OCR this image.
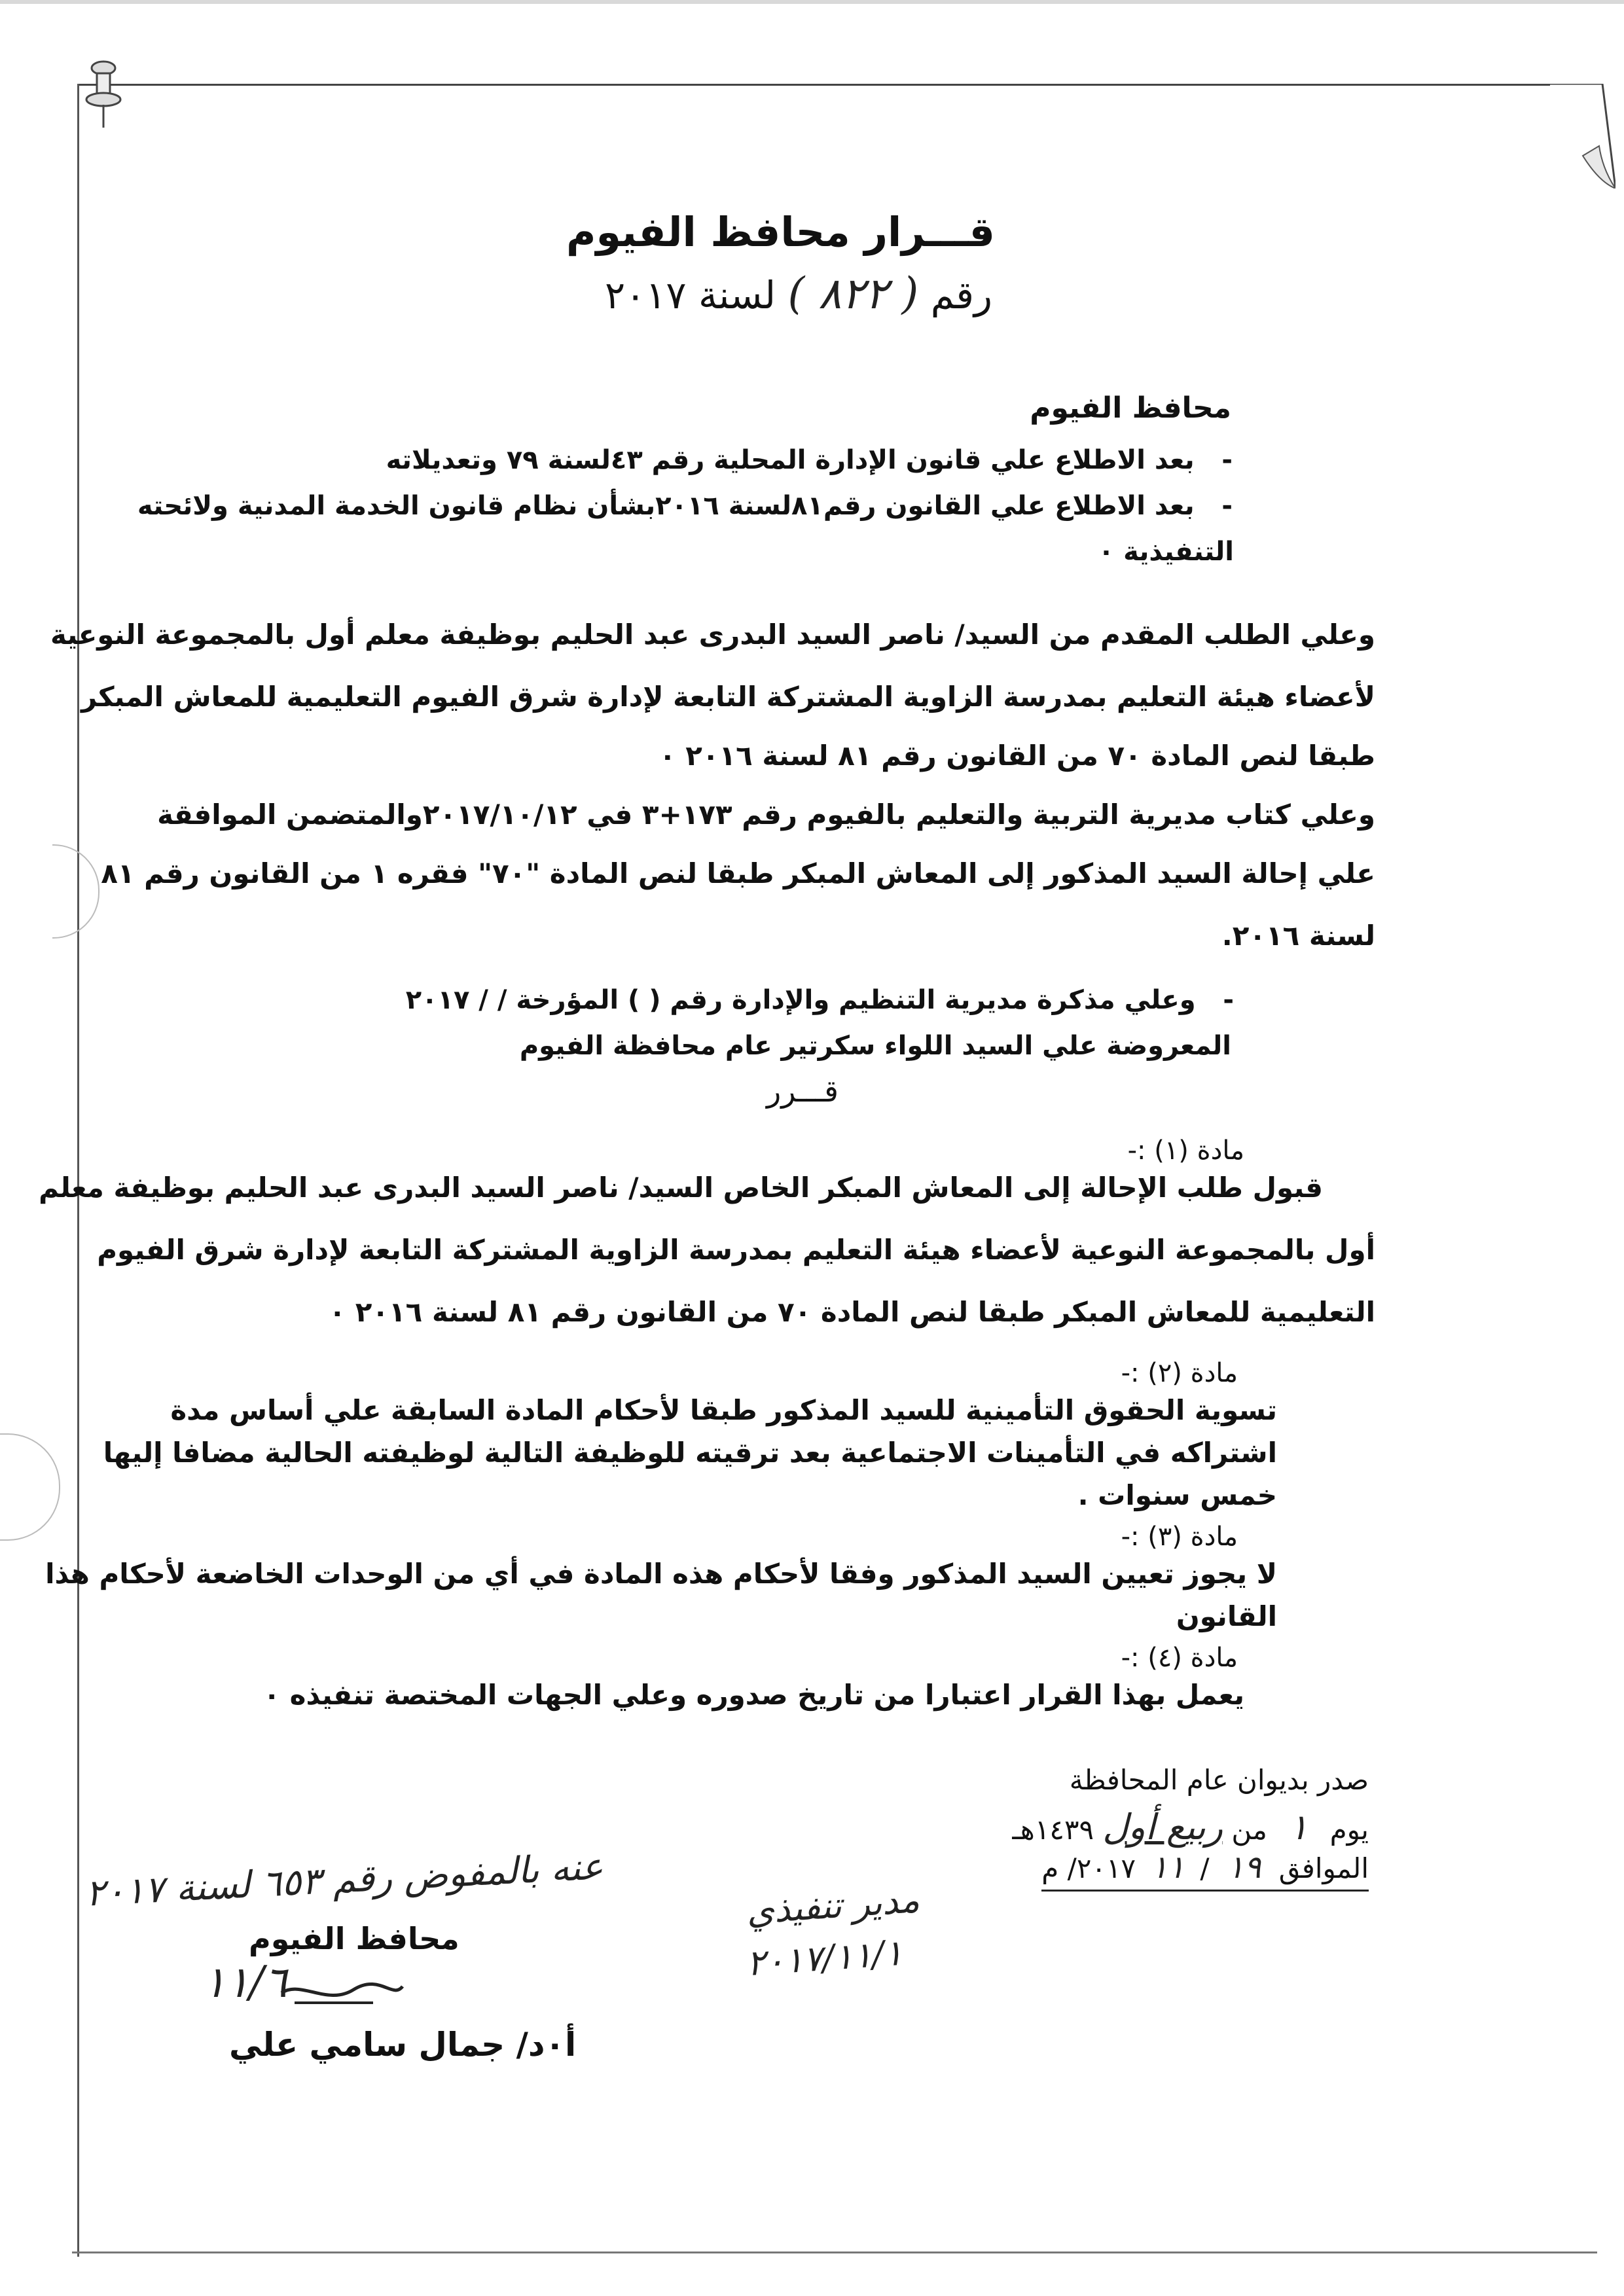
قـــرار محافظ الفيوم
رقم ( ٨٢٢ ) لسنة ٢٠١٧
محافظ الفيوم
-   بعد الاطلاع علي قانون الإدارة المحلية رقم ٤٣لسنة ٧٩ وتعديلاته
-   بعد الاطلاع علي القانون رقم٨١لسنة ٢٠١٦بشأن نظام قانون الخدمة المدنية ولائحته
التنفيذية ٠
وعلي الطلب المقدم من السيد/ ناصر السيد البدرى عبد الحليم بوظيفة معلم أول بالمجموعة النوعية
لأعضاء هيئة التعليم بمدرسة الزاوية المشتركة التابعة لإدارة شرق الفيوم التعليمية للمعاش المبكر
طبقا لنص المادة ٧٠ من القانون رقم ٨١ لسنة ٢٠١٦ ٠
وعلي كتاب مديرية التربية والتعليم بالفيوم رقم ١٧٣+٣ في ٢٠١٧/١٠/١٢والمتضمن الموافقة
علي إحالة السيد المذكور إلى المعاش المبكر طبقا لنص المادة "٧٠" فقره ١ من القانون رقم ٨١
لسنة ٢٠١٦.
-   وعلي مذكرة مديرية التنظيم والإدارة رقم ( ) المؤرخة / / ٢٠١٧
المعروضة علي السيد اللواء سكرتير عام محافظة الفيوم
قـــرر
مادة (١) :-
قبول طلب الإحالة إلى المعاش المبكر الخاص السيد/ ناصر السيد البدرى عبد الحليم بوظيفة معلم
أول بالمجموعة النوعية لأعضاء هيئة التعليم بمدرسة الزاوية المشتركة التابعة لإدارة شرق الفيوم
التعليمية للمعاش المبكر طبقا لنص المادة ٧٠ من القانون رقم ٨١ لسنة ٢٠١٦ ٠
مادة (٢) :-
تسوية الحقوق التأمينية للسيد المذكور طبقا لأحكام المادة السابقة علي أساس مدة
اشتراكه في التأمينات الاجتماعية بعد ترقيته للوظيفة التالية لوظيفته الحالية مضافا إليها
خمس سنوات .
مادة (٣) :-
لا يجوز تعيين السيد المذكور وفقا لأحكام هذه المادة في أي من الوحدات الخاضعة لأحكام هذا
القانون
مادة (٤) :-
يعمل بهذا القرار اعتبارا من تاريخ صدوره وعلي الجهات المختصة تنفيذه ٠
صدر بديوان عام المحافظة
يوم ١ من ربيع أول ١٤٣٩هـ
الموافق ١٩ / ١١ ٢٠١٧/ م
عنه بالمفوض رقم ٦٥٣ لسنة ٢٠١٧
محافظ الفيوم
١١/٦
أ٠د/ جمال سامي علي
مدير تنفيذي
٢٠١٧/١١/١
